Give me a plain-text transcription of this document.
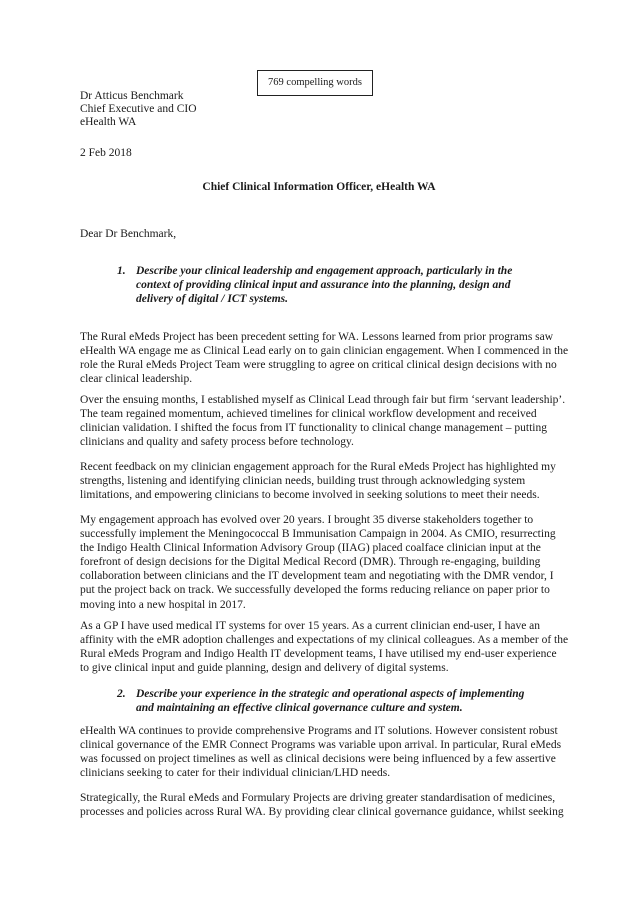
769 compelling words
Dr Atticus Benchmark
Chief Executive and CIO
eHealth WA
2 Feb 2018
Chief Clinical Information Officer, eHealth WA
Dear Dr Benchmark,
1. Describe your clinical leadership and engagement approach, particularly in the
context of providing clinical input and assurance into the planning, design and
delivery of digital / ICT systems.
The Rural eMeds Project has been precedent setting for WA. Lessons learned from prior programs saw
eHealth WA engage me as Clinical Lead early on to gain clinician engagement. When I commenced in the
role the Rural eMeds Project Team were struggling to agree on critical clinical design decisions with no
clear clinical leadership.
Over the ensuing months, I established myself as Clinical Lead through fair but firm ‘servant leadership’.
The team regained momentum, achieved timelines for clinical workflow development and received
clinician validation. I shifted the focus from IT functionality to clinical change management – putting
clinicians and quality and safety process before technology.
Recent feedback on my clinician engagement approach for the Rural eMeds Project has highlighted my
strengths, listening and identifying clinician needs, building trust through acknowledging system
limitations, and empowering clinicians to become involved in seeking solutions to meet their needs.
My engagement approach has evolved over 20 years. I brought 35 diverse stakeholders together to
successfully implement the Meningococcal B Immunisation Campaign in 2004. As CMIO, resurrecting
the Indigo Health Clinical Information Advisory Group (IIAG) placed coalface clinician input at the
forefront of design decisions for the Digital Medical Record (DMR). Through re-engaging, building
collaboration between clinicians and the IT development team and negotiating with the DMR vendor, I
put the project back on track. We successfully developed the forms reducing reliance on paper prior to
moving into a new hospital in 2017.
As a GP I have used medical IT systems for over 15 years. As a current clinician end-user, I have an
affinity with the eMR adoption challenges and expectations of my clinical colleagues. As a member of the
Rural eMeds Program and Indigo Health IT development teams, I have utilised my end-user experience
to give clinical input and guide planning, design and delivery of digital systems.
2. Describe your experience in the strategic and operational aspects of implementing
and maintaining an effective clinical governance culture and system.
eHealth WA continues to provide comprehensive Programs and IT solutions. However consistent robust
clinical governance of the EMR Connect Programs was variable upon arrival. In particular, Rural eMeds
was focussed on project timelines as well as clinical decisions were being influenced by a few assertive
clinicians seeking to cater for their individual clinician/LHD needs.
Strategically, the Rural eMeds and Formulary Projects are driving greater standardisation of medicines,
processes and policies across Rural WA. By providing clear clinical governance guidance, whilst seeking
